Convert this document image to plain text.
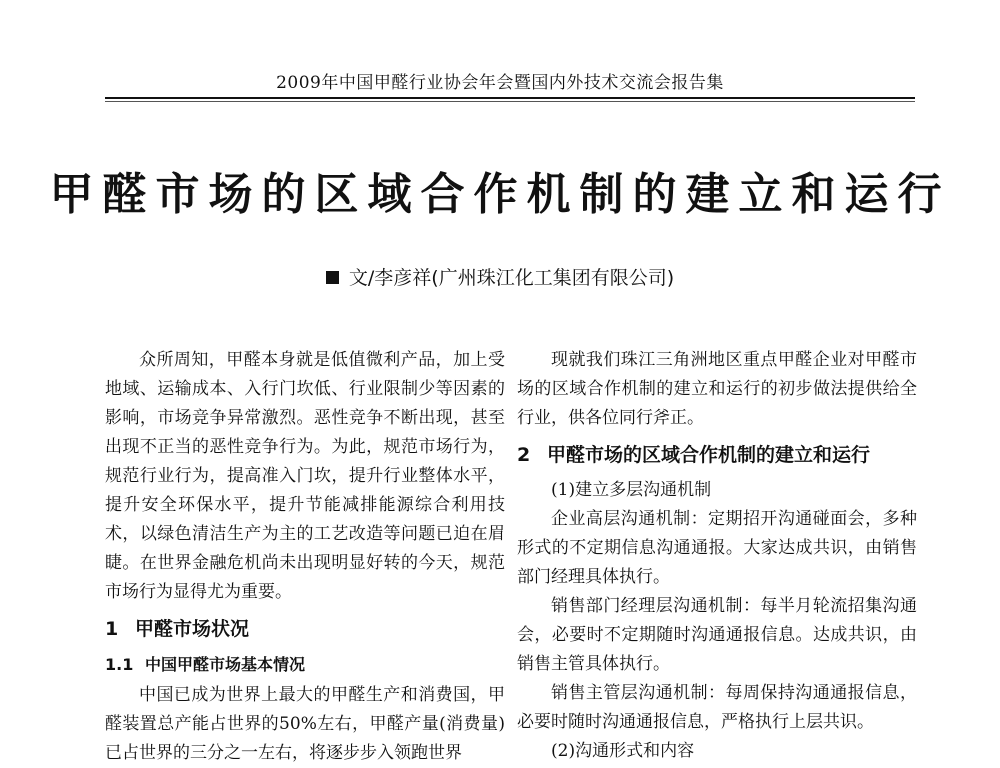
2009年中国甲醛行业协会年会暨国内外技术交流会报告集
甲醛市场的区域合作机制的建立和运行
文/李彦祥(广州珠江化工集团有限公司)

众所周知，甲醛本身就是低值微利产品，加上受地域、运输成本、入行门坎低、行业限制少等因素的影响，市场竞争异常激烈。恶性竞争不断出现，甚至出现不正当的恶性竞争行为。为此，规范市场行为，规范行业行为，提高准入门坎，提升行业整体水平，提升安全环保水平，提升节能减排能源综合利用技术，以绿色清洁生产为主的工艺改造等问题已迫在眉睫。在世界金融危机尚未出现明显好转的今天，规范市场行为显得尤为重要。

1 甲醛市场状况
1.1 中国甲醛市场基本情况

中国已成为世界上最大的甲醛生产和消费国，甲醛装置总产能占世界的50%左右，甲醛产量(消费量)已占世界的三分之一左右，将逐步步入领跑世界

现就我们珠江三角洲地区重点甲醛企业对甲醛市场的区域合作机制的建立和运行的初步做法提供给全行业，供各位同行斧正。

2 甲醛市场的区域合作机制的建立和运行

(1)建立多层沟通机制

企业高层沟通机制：定期招开沟通碰面会，多种形式的不定期信息沟通通报。大家达成共识，由销售部门经理具体执行。

销售部门经理层沟通机制：每半月轮流招集沟通会，必要时不定期随时沟通通报信息。达成共识，由销售主管具体执行。

销售主管层沟通机制：每周保持沟通通报信息，必要时随时沟通通报信息，严格执行上层共识。

(2)沟通形式和内容
